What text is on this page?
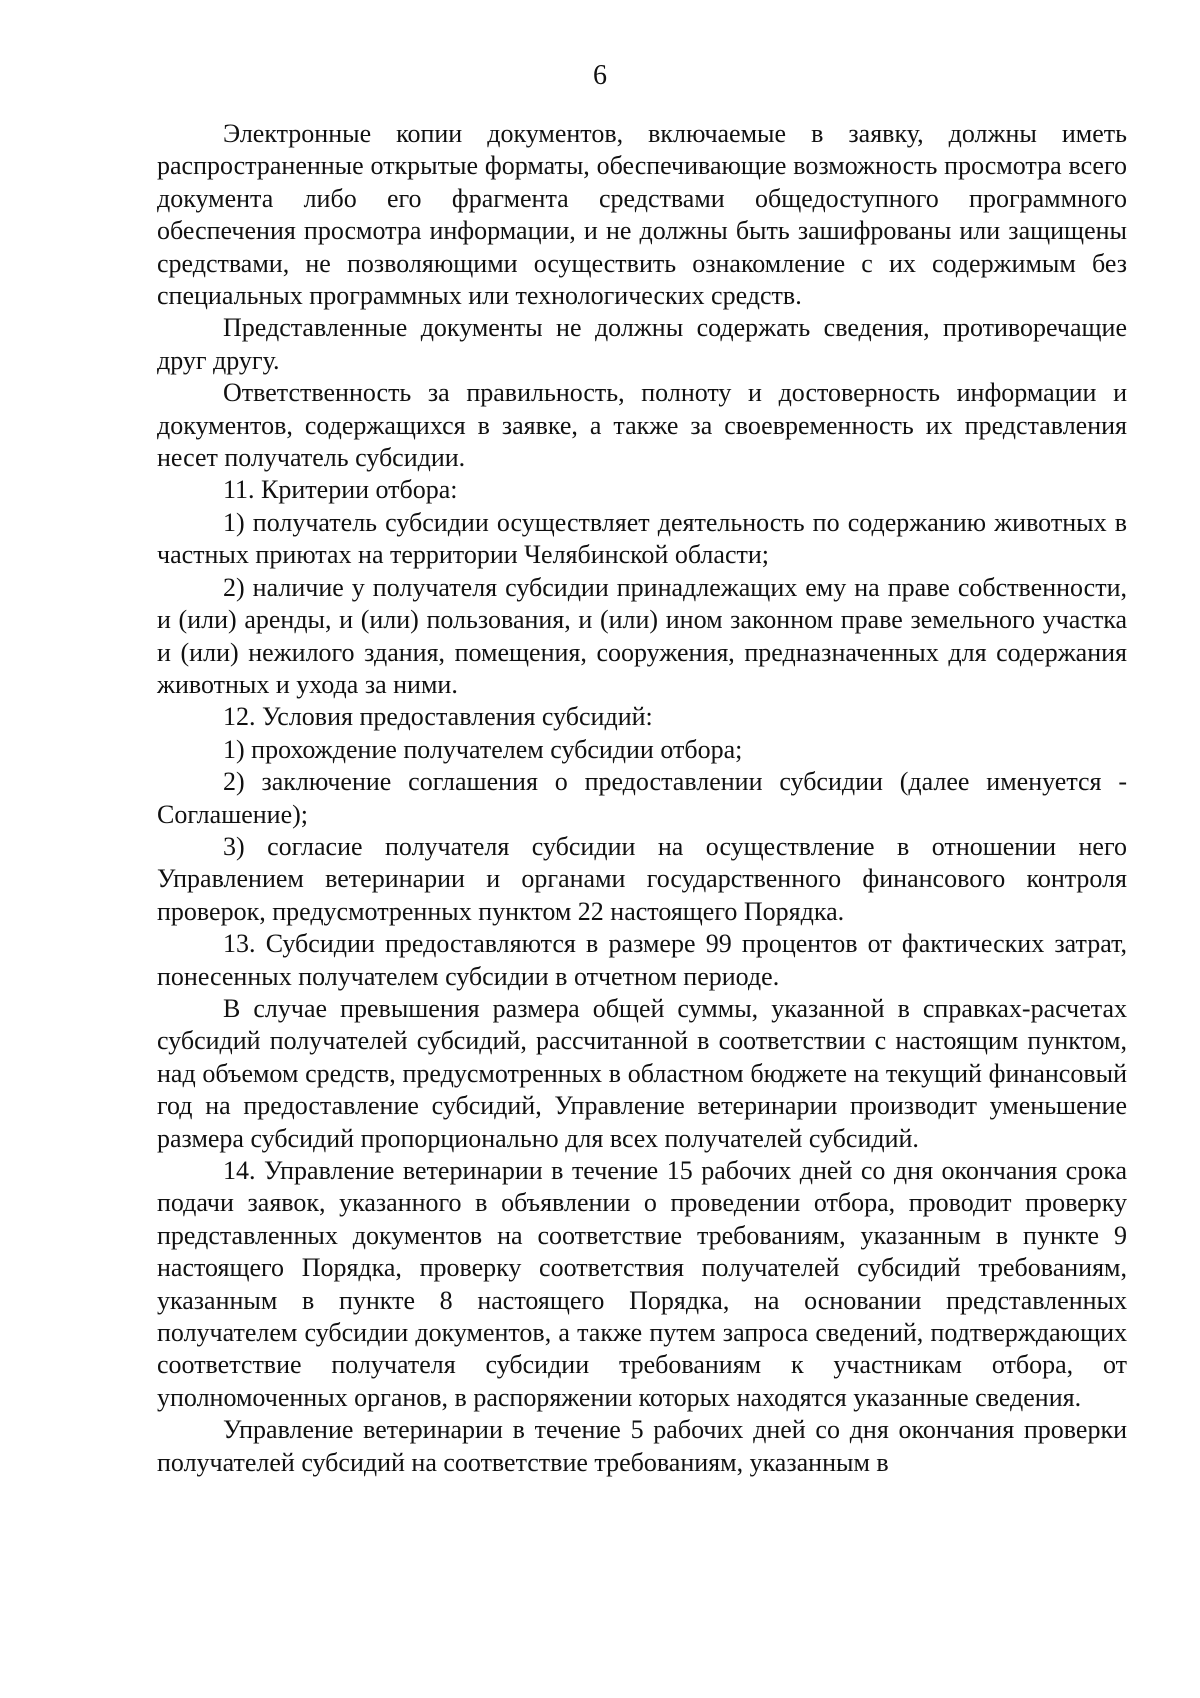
6

Электронные копии документов, включаемые в заявку, должны иметь распространенные открытые форматы, обеспечивающие возможность просмотра всего документа либо его фрагмента средствами общедоступного программного обеспечения просмотра информации, и не должны быть зашифрованы или защищены средствами, не позволяющими осуществить ознакомление с их содержимым без специальных программных или технологических средств.

Представленные документы не должны содержать сведения, противоречащие друг другу.

Ответственность за правильность, полноту и достоверность информации и документов, содержащихся в заявке, а также за своевременность их представления несет получатель субсидии.

11. Критерии отбора:

1) получатель субсидии осуществляет деятельность по содержанию животных в частных приютах на территории Челябинской области;

2) наличие у получателя субсидии принадлежащих ему на праве собственности, и (или) аренды, и (или) пользования, и (или) ином законном праве земельного участка и (или) нежилого здания, помещения, сооружения, предназначенных для содержания животных и ухода за ними.

12. Условия предоставления субсидий:

1) прохождение получателем субсидии отбора;

2) заключение соглашения о предоставлении субсидии (далее именуется - Соглашение);

3) согласие получателя субсидии на осуществление в отношении него Управлением ветеринарии и органами государственного финансового контроля проверок, предусмотренных пунктом 22 настоящего Порядка.

13. Субсидии предоставляются в размере 99 процентов от фактических затрат, понесенных получателем субсидии в отчетном периоде.

В случае превышения размера общей суммы, указанной в справках-расчетах субсидий получателей субсидий, рассчитанной в соответствии с настоящим пунктом, над объемом средств, предусмотренных в областном бюджете на текущий финансовый год на предоставление субсидий, Управление ветеринарии производит уменьшение размера субсидий пропорционально для всех получателей субсидий.

14. Управление ветеринарии в течение 15 рабочих дней со дня окончания срока подачи заявок, указанного в объявлении о проведении отбора, проводит проверку представленных документов на соответствие требованиям, указанным в пункте 9 настоящего Порядка, проверку соответствия получателей субсидий требованиям, указанным в пункте 8 настоящего Порядка, на основании представленных получателем субсидии документов, а также путем запроса сведений, подтверждающих соответствие получателя субсидии требованиям к участникам отбора, от уполномоченных органов, в распоряжении которых находятся указанные сведения.

Управление ветеринарии в течение 5 рабочих дней со дня окончания проверки получателей субсидий на соответствие требованиям, указанным в
